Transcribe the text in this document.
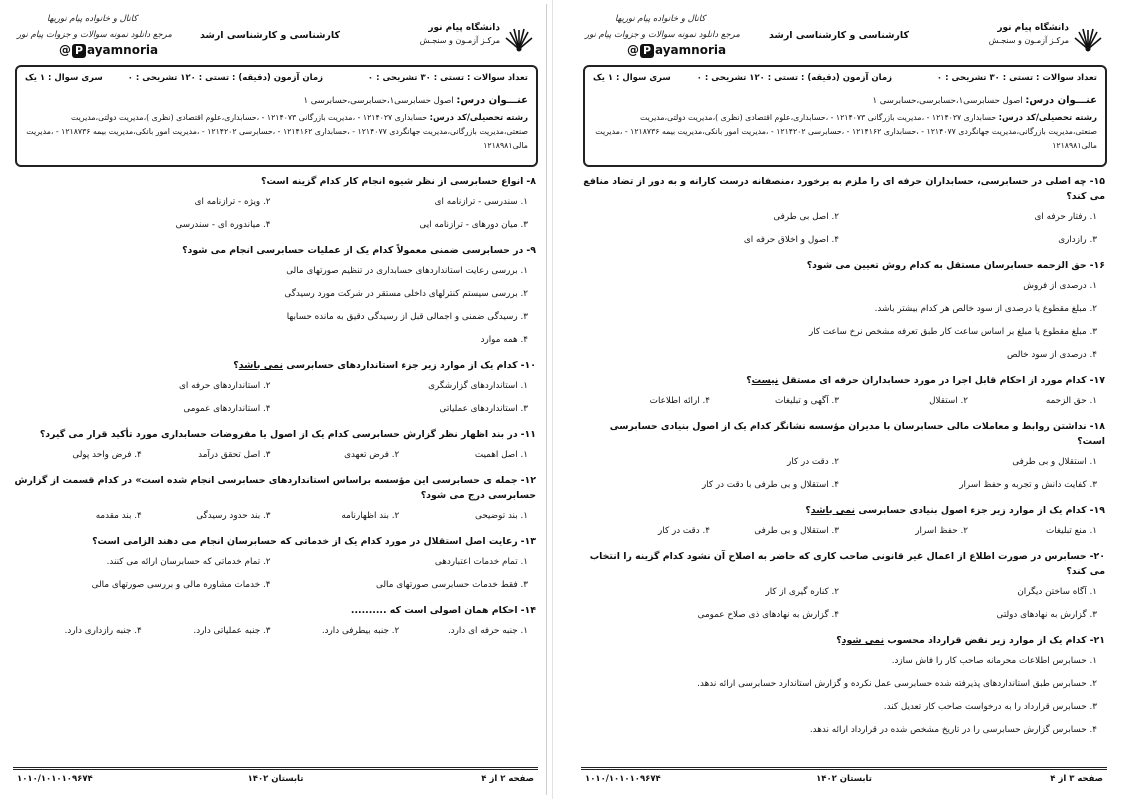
دانشگاه پیام نور
مرکـز آزمـون و سنجـش
کارشناسی و کارشناسی ارشد
کانال و خانواده پیام نوریها
مرجع دانلود نمونه سوالات و جزوات پیام نور
@ P ayamnoria
تعداد سوالات : تستی : ۳۰ تشریحی : ۰
زمان آزمون (دقیقه) : تستی : ۱۲۰ تشریحی : ۰
سری سوال : ۱ یک
عنـــوان درس: اصول حسابرسی۱،حسابرسی،حسابرسی ۱
رشته تحصیلی/کد درس: حسابداری ۱۲۱۴۰۲۷ - ،مدیریت بازرگانی ۱۲۱۴۰۷۳ - ،حسابداری،علوم اقتصادی (نظری )،مدیریت دولتی،مدیریت صنعتی،مدیریت بازرگانی،مدیریت جهانگردی ۱۲۱۴۰۷۷ - ،حسابداری ۱۲۱۴۱۶۲ - ،حسابرسی ۱۲۱۴۲۰۲ - ،مدیریت امور بانکی،مدیریت بیمه ۱۲۱۸۷۳۶ - ،مدیریت مالی۱۲۱۸۹۸۱
۸-انواع حسابرسی از نظر شیوه انجام کار کدام گزینه است؟
۱. سندرسی - ترازنامه ای
۲. ویژه - ترازنامه ای
۳. میان دورهای - ترازنامه ایی
۴. میاندوره ای - سندرسی
۹-در حسابرسی ضمنی معمولاً کدام یک از عملیات حسابرسی انجام می شود؟
۱. بررسی رعایت استانداردهای حسابداری در تنظیم صورتهای مالی
۲. بررسی سیستم کنترلهای داخلی مستقر در شرکت مورد رسیدگی
۳. رسیدگی ضمنی و اجمالی قبل از رسیدگی دقیق به مانده حسابها
۴. همه موارد
۱۰-کدام یک از موارد زیر جزء استانداردهای حسابرسی نمی باشد؟
۱. استانداردهای گزارشگری
۲. استانداردهای حرفه ای
۳. استانداردهای عملیاتی
۴. استانداردهای عمومی
۱۱-در بند اظهار نظر گزارش حسابرسی کدام یک از اصول یا مفروضات حسابداری مورد تأکید قرار می گیرد؟
۱. اصل اهمیت
۲. فرض تعهدی
۳. اصل تحقق درآمد
۴. فرض واحد پولی
۱۲-جمله ی حسابرسی این مؤسسه براساس استانداردهای حسابرسی انجام شده است» در کدام قسمت از گزارش حسابرسی درج می شود؟
۱. بند توضیحی
۲. بند اظهارنامه
۳. بند حدود رسیدگی
۴. بند مقدمه
۱۳-رعایت اصل استقلال در مورد کدام یک از خدماتی که حسابرسان انجام می دهند الزامی است؟
۱. تمام خدمات اعتباردهی
۲. تمام خدماتی که حسابرسان ارائه می کنند.
۳. فقط خدمات حسابرسی صورتهای مالی
۴. خدمات مشاوره مالی و بررسی صورتهای مالی
۱۴-احکام همان اصولی است که ..........
۱. جنبه حرفه ای دارد.
۲. جنبه بیطرفی دارد.
۳. جنبه عملیاتی دارد.
۴. جنبه رازداری دارد.
صفحه ۲ از ۴
تابستان ۱۴۰۲
۱۰۱۰/۱۰۱۰۱۰۹۶۷۴
دانشگاه پیام نور
مرکـز آزمـون و سنجـش
کارشناسی و کارشناسی ارشد
کانال و خانواده پیام نوریها
مرجع دانلود نمونه سوالات و جزوات پیام نور
@ P ayamnoria
تعداد سوالات : تستی : ۳۰ تشریحی : ۰
زمان آزمون (دقیقه) : تستی : ۱۲۰ تشریحی : ۰
سری سوال : ۱ یک
عنـــوان درس: اصول حسابرسی۱،حسابرسی،حسابرسی ۱
رشته تحصیلی/کد درس: حسابداری ۱۲۱۴۰۲۷ - ،مدیریت بازرگانی ۱۲۱۴۰۷۳ - ،حسابداری،علوم اقتصادی (نظری )،مدیریت دولتی،مدیریت صنعتی،مدیریت بازرگانی،مدیریت جهانگردی ۱۲۱۴۰۷۷ - ،حسابداری ۱۲۱۴۱۶۲ - ،حسابرسی ۱۲۱۴۲۰۲ - ،مدیریت امور بانکی،مدیریت بیمه ۱۲۱۸۷۳۶ - ،مدیریت مالی۱۲۱۸۹۸۱
۱۵-چه اصلی در حسابرسی، حسابداران حرفه ای را ملزم به برخورد ،منصفانه درست کارانه و به دور از تضاد منافع می کند؟
۱. رفتار حرفه ای
۲. اصل بی طرفی
۳. رازداری
۴. اصول و اخلاق حرفه ای
۱۶-حق الزحمه حسابرسان مستقل به کدام روش تعیین می شود؟
۱. درصدی از فروش
۲. مبلغ مقطوع یا درصدی از سود خالص هر کدام بیشتر باشد.
۳. مبلغ مقطوع یا مبلغ بر اساس ساعت کار طبق تعرفه مشخص نرخ ساعت کار
۴. درصدی از سود خالص
۱۷-کدام مورد از احکام قابل اجرا در مورد حسابداران حرفه ای مستقل نیست؟
۱. حق الزحمه
۲. استقلال
۳. آگهی و تبلیغات
۴. ارائه اطلاعات
۱۸-نداشتن روابط و معاملات مالی حسابرسان با مدیران مؤسسه نشانگر کدام یک از اصول بنیادی حسابرسی است؟
۱. استقلال و بی طرفی
۲. دقت در کار
۳. کفایت دانش و تجربه و حفظ اسرار
۴. استقلال و بی طرفی با دقت در کار
۱۹-کدام یک از موارد زیر جزء اصول بنیادی حسابرسی نمی باشد؟
۱. منع تبلیغات
۲. حفظ اسرار
۳. استقلال و بی طرفی
۴. دقت در کار
۲۰-حسابرس در صورت اطلاع از اعمال غیر قانونی صاحب کاری که حاضر به اصلاح آن نشود کدام گزینه را انتخاب می کند؟
۱. آگاه ساختن دیگران
۲. کناره گیری از کار
۳. گزارش به نهادهای دولتی
۴. گزارش به نهادهای ذی صلاح عمومی
۲۱-کدام یک از موارد زیر نقض قرارداد محسوب نمی شود؟
۱. حسابرس اطلاعات محرمانه صاحب کار را فاش سازد.
۲. حسابرس طبق استانداردهای پذیرفته شده حسابرسی عمل نکرده و گزارش استاندارد حسابرسی ارائه ندهد.
۳. حسابرس قرارداد را به درخواست صاحب کار تعدیل کند.
۴. حسابرس گزارش حسابرسی را در تاریخ مشخص شده در قرارداد ارائه ندهد.
صفحه ۳ از ۴
تابستان ۱۴۰۲
۱۰۱۰/۱۰۱۰۱۰۹۶۷۴
